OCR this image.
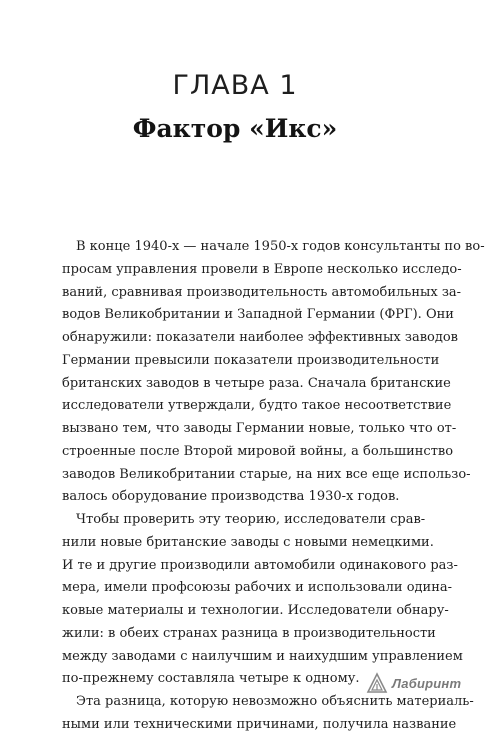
ГЛАВА 1
Фактор «Икс»
В конце 1940-х — начале 1950-х годов консультанты по во-
просам управления провели в Европе несколько исследо-
ваний, сравнивая производительность автомобильных за-
водов Великобритании и Западной Германии (ФРГ). Они
обнаружили: показатели наиболее эффективных заводов
Германии превысили показатели производительности
британских заводов в четыре раза. Сначала британские
исследователи утверждали, будто такое несоответствие
вызвано тем, что заводы Германии новые, только что от-
строенные после Второй мировой войны, а большинство
заводов Великобритании старые, на них все еще использо-
валось оборудование производства 1930-х годов.
Чтобы проверить эту теорию, исследователи срав-
нили новые британские заводы с новыми немецкими.
И те и другие производили автомобили одинакового раз-
мера, имели профсоюзы рабочих и использовали одина-
ковые материалы и технологии. Исследователи обнару-
жили: в обеих странах разница в производительности
между заводами с наилучшим и наихудшим управлением
по-прежнему составляла четыре к одному.
Эта разница, которую невозможно объяснить материаль-
ными или техническими причинами, получила название
Лабиринт
